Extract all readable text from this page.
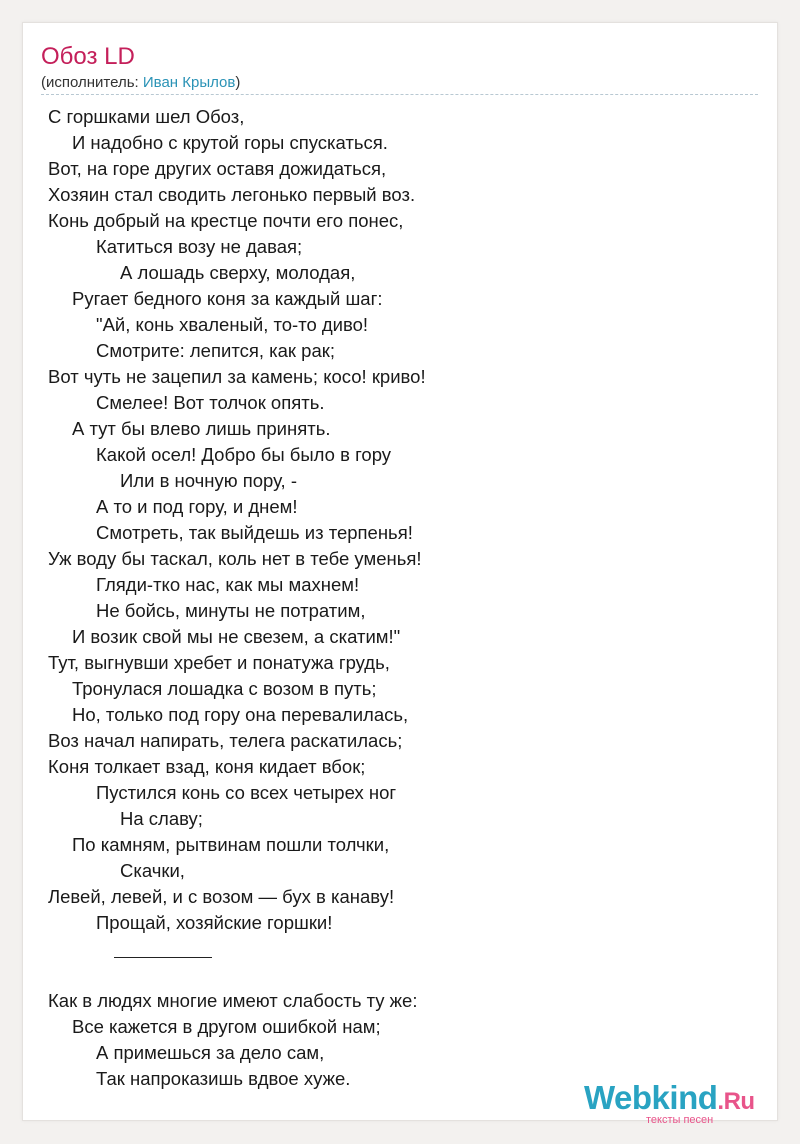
Обоз LD
(исполнитель: Иван Крылов)
С горшками шел Обоз,
И надобно с крутой горы спускаться.
Вот, на горе других оставя дожидаться,
Хозяин стал сводить легонько первый воз.
Конь добрый на крестце почти его понес,
Катиться возу не давая;
А лошадь сверху, молодая,
Ругает бедного коня за каждый шаг:
"Ай, конь хваленый, то-то диво!
Смотрите: лепится, как рак;
Вот чуть не зацепил за камень; косо! криво!
Смелее! Вот толчок опять.
А тут бы влево лишь принять.
Какой осел! Добро бы было в гору
Или в ночную пору, -
А то и под гору, и днем!
Смотреть, так выйдешь из терпенья!
Уж воду бы таскал, коль нет в тебе уменья!
Гляди-тко нас, как мы махнем!
Не бойсь, минуты не потратим,
И возик свой мы не свезем, а скатим!"
Тут, выгнувши хребет и понатужа грудь,
Тронулася лошадка с возом в путь;
Но, только под гору она перевалилась,
Воз начал напирать, телега раскатилась;
Коня толкает взад, коня кидает вбок;
Пустился конь со всех четырех ног
На славу;
По камням, рытвинам пошли толчки,
Скачки,
Левей, левей, и с возом — бух в канаву!
Прощай, хозяйские горшки!
Как в людях многие имеют слабость ту же:
Все кажется в другом ошибкой нам;
А примешься за дело сам,
Так напроказишь вдвое хуже.
Webkind.Ru
тексты песен
